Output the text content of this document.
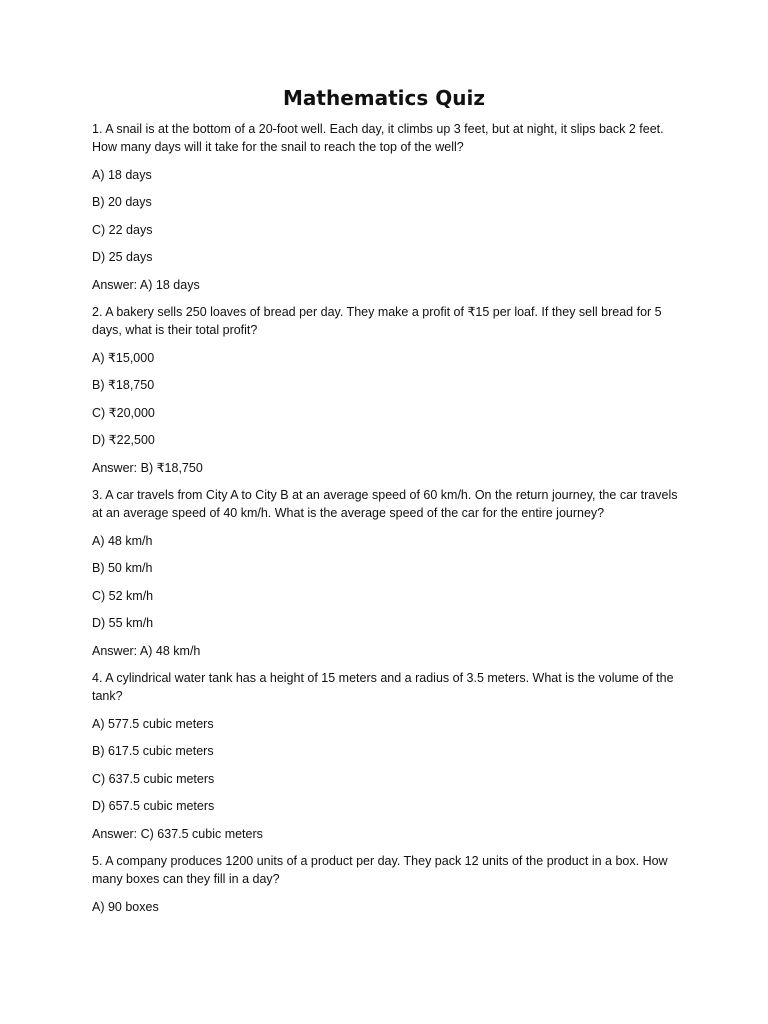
Mathematics Quiz

1. A snail is at the bottom of a 20-foot well. Each day, it climbs up 3 feet, but at night, it slips back 2 feet. How many days will it take for the snail to reach the top of the well?

A) 18 days

B) 20 days

C) 22 days

D) 25 days

Answer: A) 18 days

2. A bakery sells 250 loaves of bread per day. They make a profit of ₹15 per loaf. If they sell bread for 5 days, what is their total profit?

A) ₹15,000

B) ₹18,750

C) ₹20,000

D) ₹22,500

Answer: B) ₹18,750

3. A car travels from City A to City B at an average speed of 60 km/h. On the return journey, the car travels at an average speed of 40 km/h. What is the average speed of the car for the entire journey?

A) 48 km/h

B) 50 km/h

C) 52 km/h

D) 55 km/h

Answer: A) 48 km/h

4. A cylindrical water tank has a height of 15 meters and a radius of 3.5 meters. What is the volume of the tank?

A) 577.5 cubic meters

B) 617.5 cubic meters

C) 637.5 cubic meters

D) 657.5 cubic meters

Answer: C) 637.5 cubic meters

5. A company produces 1200 units of a product per day. They pack 12 units of the product in a box. How many boxes can they fill in a day?

A) 90 boxes
